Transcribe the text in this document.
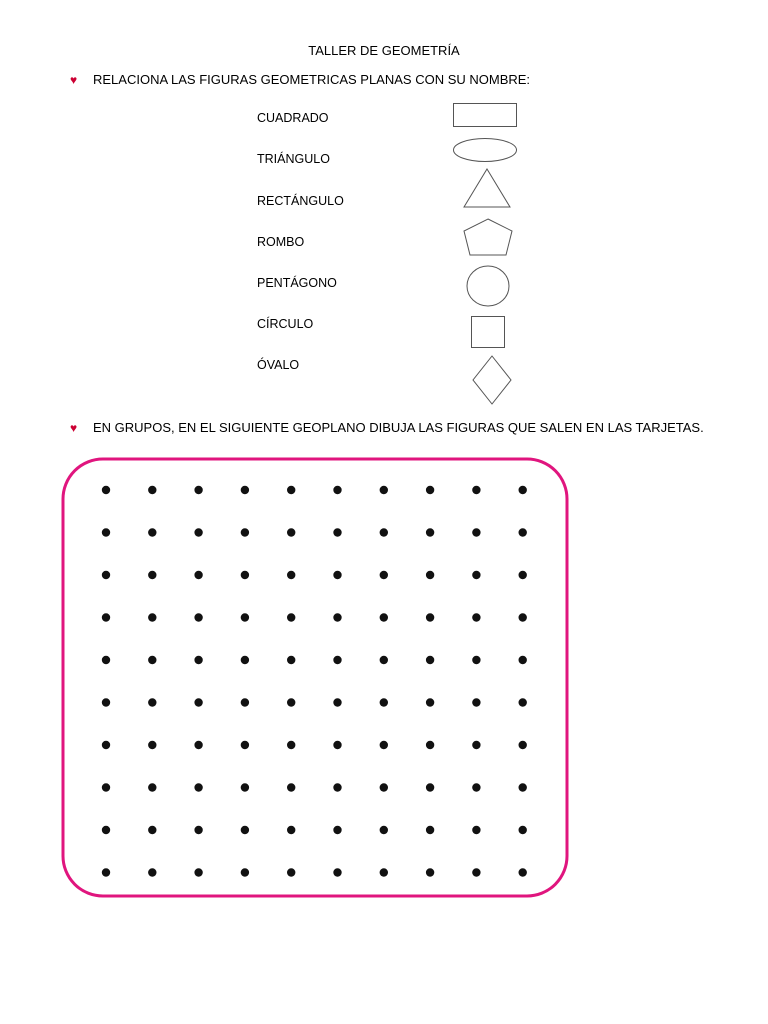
TALLER DE GEOMETRÍA
♥ RELACIONA LAS FIGURAS GEOMETRICAS PLANAS CON SU NOMBRE:
CUADRADO
TRIÁNGULO
RECTÁNGULO
ROMBO
PENTÁGONO
CÍRCULO
ÓVALO
♥ EN GRUPOS, EN EL SIGUIENTE GEOPLANO DIBUJA LAS FIGURAS QUE SALEN EN LAS TARJETAS.
